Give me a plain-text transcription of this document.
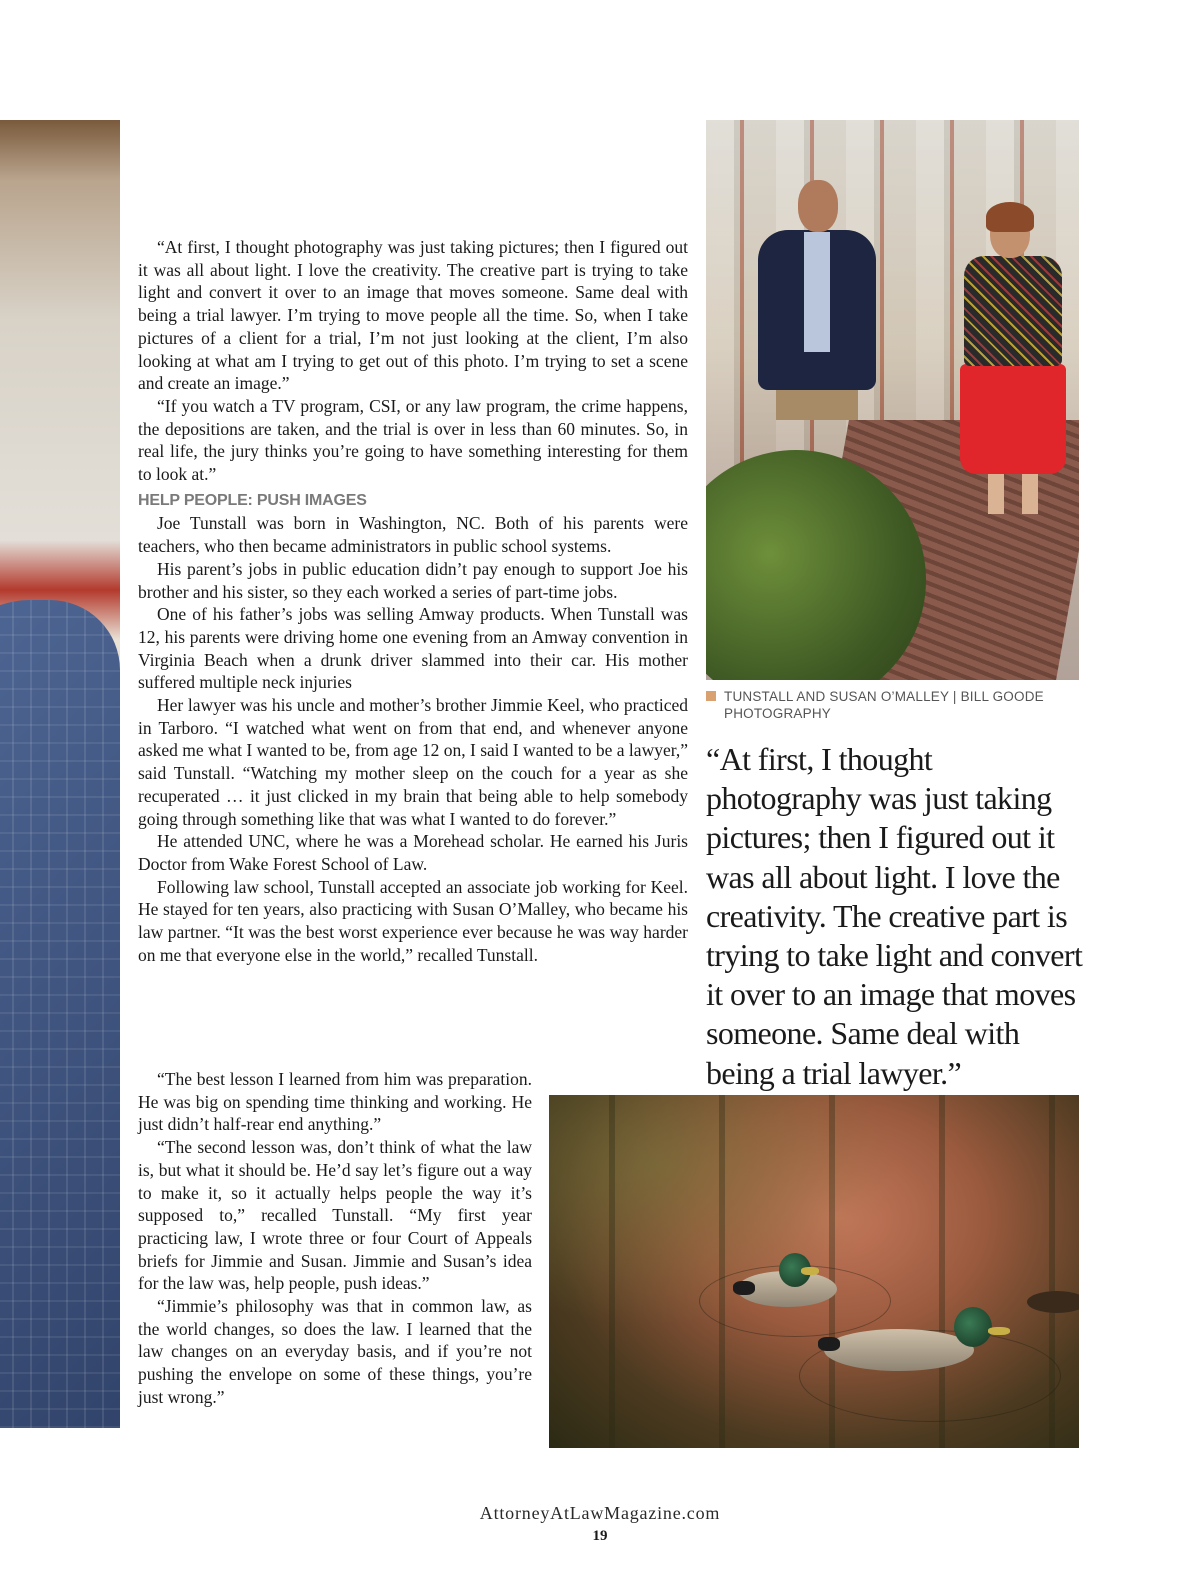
“At first, I thought photography was just taking pictures; then I figured out it was all about light. I love the creativity. The creative part is trying to take light and convert it over to an image that moves someone. Same deal with being a trial lawyer. I’m trying to move people all the time. So, when I take pictures of a client for a trial, I’m not just looking at the client, I’m also looking at what am I trying to get out of this photo. I’m trying to set a scene and create an image.”

“If you watch a TV program, CSI, or any law program, the crime happens, the depositions are taken, and the trial is over in less than 60 minutes. So, in real life, the jury thinks you’re going to have something interesting for them to look at.”

HELP PEOPLE: PUSH IMAGES

Joe Tunstall was born in Washington, NC. Both of his parents were teachers, who then became administrators in public school systems.

His parent’s jobs in public education didn’t pay enough to support Joe his brother and his sister, so they each worked a series of part-time jobs.

One of his father’s jobs was selling Amway products. When Tunstall was 12, his parents were driving home one evening from an Amway convention in Virginia Beach when a drunk driver slammed into their car. His mother suffered multiple neck injuries

Her lawyer was his uncle and mother’s brother Jimmie Keel, who practiced in Tarboro. “I watched what went on from that end, and whenever anyone asked me what I wanted to be, from age 12 on, I said I wanted to be a lawyer,” said Tunstall. “Watching my mother sleep on the couch for a year as she recuperated … it just clicked in my brain that being able to help somebody going through something like that was what I wanted to do forever.”

He attended UNC, where he was a Morehead scholar. He earned his Juris Doctor from Wake Forest School of Law.

Following law school, Tunstall accepted an associate job working for Keel. He stayed for ten years, also practicing with Susan O’Malley, who became his law partner. “It was the best worst experience ever because he was way harder on me that everyone else in the world,” recalled Tunstall.

“The best lesson I learned from him was preparation. He was big on spending time thinking and working. He just didn’t half-rear end anything.”

“The second lesson was, don’t think of what the law is, but what it should be. He’d say let’s figure out a way to make it, so it actually helps people the way it’s supposed to,” recalled Tunstall. “My first year practicing law, I wrote three or four Court of Appeals briefs for Jimmie and Susan. Jimmie and Susan’s idea for the law was, help people, push ideas.”

“Jimmie’s philosophy was that in common law, as the world changes, so does the law. I learned that the law changes on an everyday basis, and if you’re not pushing the envelope on some of these things, you’re just wrong.”

TUNSTALL AND SUSAN O’MALLEY | BILL GOODE PHOTOGRAPHY
“At first, I thought photography was just taking pictures; then I figured out it was all about light. I love the creativity. The creative part is trying to take light and convert it over to an image that moves someone. Same deal with being a trial lawyer.”
AttorneyAtLawMagazine.com
19
